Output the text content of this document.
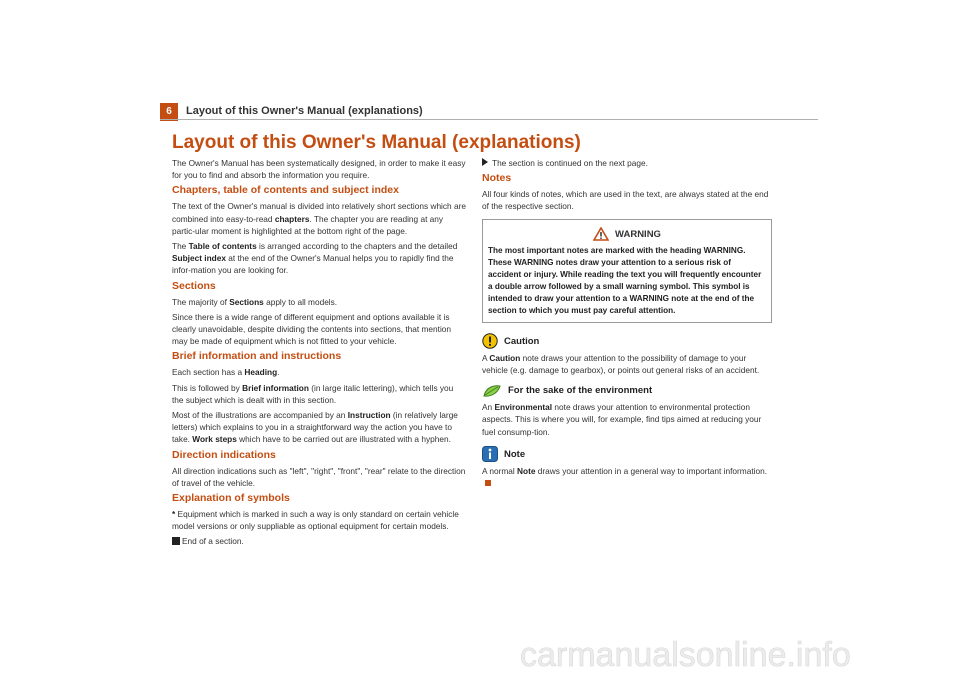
6	Layout of this Owner's Manual (explanations)
Layout of this Owner's Manual (explanations)

The Owner's Manual has been systematically designed, in order to make it easy for you to find and absorb the information you require.

Chapters, table of contents and subject index

The text of the Owner's manual is divided into relatively short sections which are combined into easy-to-read chapters. The chapter you are reading at any partic-ular moment is highlighted at the bottom right of the page.

The Table of contents is arranged according to the chapters and the detailed Subject index at the end of the Owner's Manual helps you to rapidly find the infor-mation you are looking for.

Sections

The majority of Sections apply to all models.

Since there is a wide range of different equipment and options available it is clearly unavoidable, despite dividing the contents into sections, that mention may be made of equipment which is not fitted to your vehicle.

Brief information and instructions

Each section has a Heading.

This is followed by Brief information (in large italic lettering), which tells you the subject which is dealt with in this section.

Most of the illustrations are accompanied by an Instruction (in relatively large letters) which explains to you in a straightforward way the action you have to take. Work steps which have to be carried out are illustrated with a hyphen.

Direction indications

All direction indications such as "left", "right", "front", "rear" relate to the direction of travel of the vehicle.

Explanation of symbols

* Equipment which is marked in such a way is only standard on certain vehicle model versions or only suppliable as optional equipment for certain models.

End of a section.

The section is continued on the next page.

Notes

All four kinds of notes, which are used in the text, are always stated at the end of the respective section.

WARNING
The most important notes are marked with the heading WARNING. These WARNING notes draw your attention to a serious risk of accident or injury. While reading the text you will frequently encounter a double arrow followed by a small warning symbol. This symbol is intended to draw your attention to a WARNING note at the end of the section to which you must pay careful attention.
Caution

A Caution note draws your attention to the possibility of damage to your vehicle (e.g. damage to gearbox), or points out general risks of an accident.

For the sake of the environment

An Environmental note draws your attention to environmental protection aspects. This is where you will, for example, find tips aimed at reducing your fuel consump-tion.

Note

A normal Note draws your attention in a general way to important information.

carmanualsonline.info
